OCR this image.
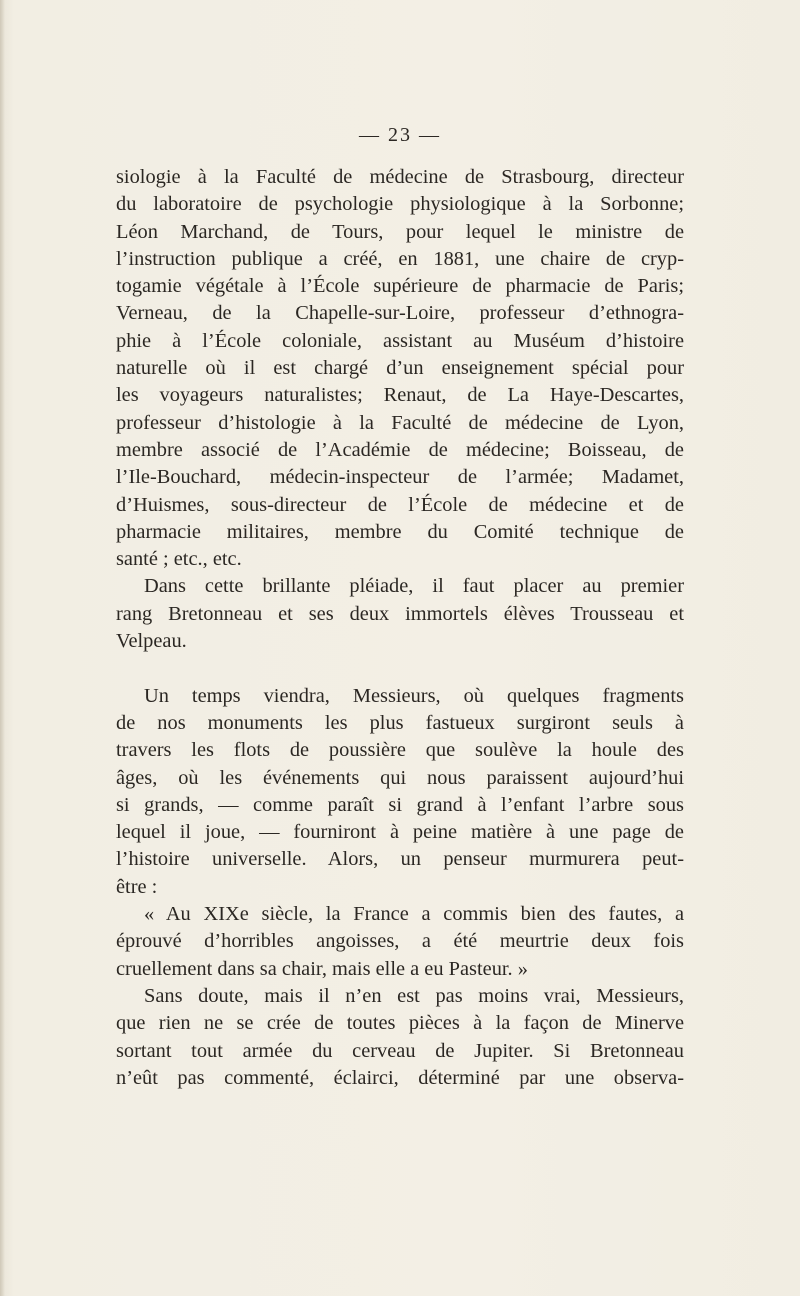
— 23 —
siologie à la Faculté de médecine de Strasbourg, directeur
du laboratoire de psychologie physiologique à la Sorbonne;
Léon Marchand, de Tours, pour lequel le ministre de
l’instruction publique a créé, en 1881, une chaire de cryp-
togamie végétale à l’École supérieure de pharmacie de Paris;
Verneau, de la Chapelle-sur-Loire, professeur d’ethnogra-
phie à l’École coloniale, assistant au Muséum d’histoire
naturelle où il est chargé d’un enseignement spécial pour
les voyageurs naturalistes; Renaut, de La Haye-Descartes,
professeur d’histologie à la Faculté de médecine de Lyon,
membre associé de l’Académie de médecine; Boisseau, de
l’Ile-Bouchard, médecin-inspecteur de l’armée; Madamet,
d’Huismes, sous-directeur de l’École de médecine et de
pharmacie militaires, membre du Comité technique de
santé ; etc., etc.
Dans cette brillante pléiade, il faut placer au premier
rang Bretonneau et ses deux immortels élèves Trousseau et
Velpeau.
Un temps viendra, Messieurs, où quelques fragments
de nos monuments les plus fastueux surgiront seuls à
travers les flots de poussière que soulève la houle des
âges, où les événements qui nous paraissent aujourd’hui
si grands, — comme paraît si grand à l’enfant l’arbre sous
lequel il joue, — fourniront à peine matière à une page de
l’histoire universelle. Alors, un penseur murmurera peut-
être :
« Au XIXe siècle, la France a commis bien des fautes, a
éprouvé d’horribles angoisses, a été meurtrie deux fois
cruellement dans sa chair, mais elle a eu Pasteur. »
Sans doute, mais il n’en est pas moins vrai, Messieurs,
que rien ne se crée de toutes pièces à la façon de Minerve
sortant tout armée du cerveau de Jupiter. Si Bretonneau
n’eût pas commenté, éclairci, déterminé par une observa-
